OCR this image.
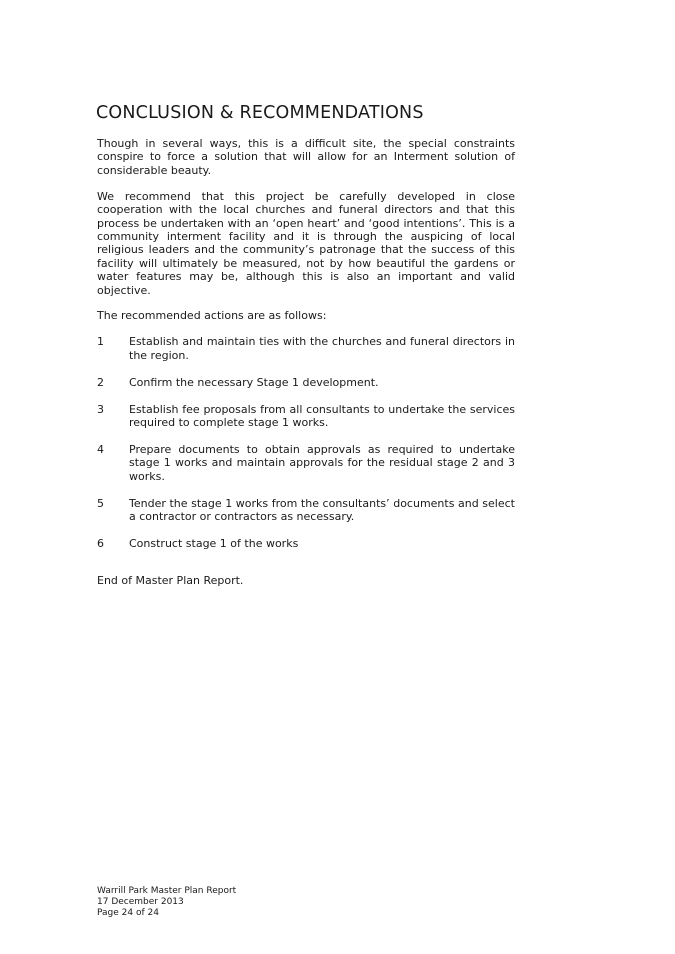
CONCLUSION & RECOMMENDATIONS

Though in several ways, this is a difficult site, the special constraints conspire to force a solution that will allow for an Interment solution of considerable beauty.

We recommend that this project be carefully developed in close cooperation with the local churches and funeral directors and that this process be undertaken with an ‘open heart’ and ‘good intentions’. This is a community interment facility and it is through the auspicing of local religious leaders and the community’s patronage that the success of this facility will ultimately be measured, not by how beautiful the gardens or water features may be, although this is also an important and valid objective.

The recommended actions are as follows:

1	Establish and maintain ties with the churches and funeral directors in the region.
2	Confirm the necessary Stage 1 development.
3	Establish fee proposals from all consultants to undertake the services required to complete stage 1 works.
4	Prepare documents to obtain approvals as required to undertake stage 1 works and maintain approvals for the residual stage 2 and 3 works.
5	Tender the stage 1 works from the consultants’ documents and select a contractor or contractors as necessary.
6	Construct stage 1 of the works

End of Master Plan Report.

Warrill Park Master Plan Report
17 December 2013
Page 24 of 24
